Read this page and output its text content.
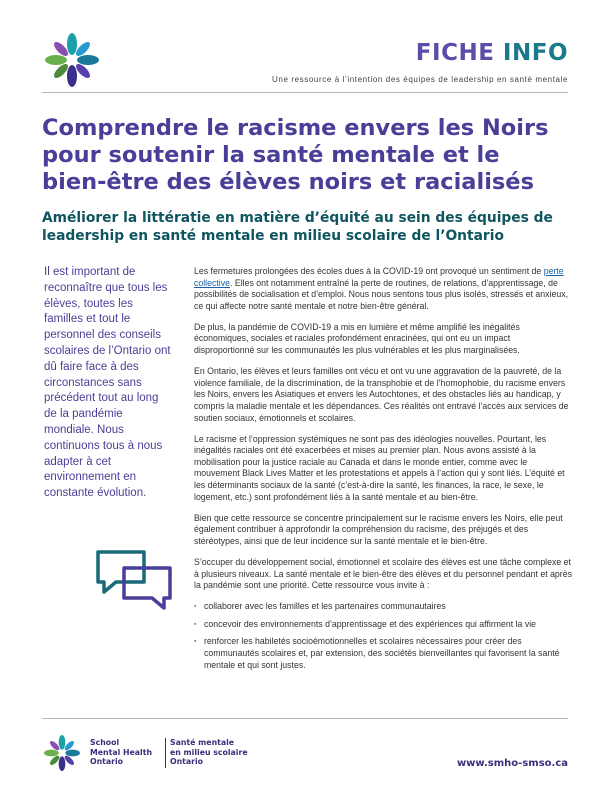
FICHE INFO
Une ressource à l’intention des équipes de leadership en santé mentale
Comprendre le racisme envers les Noirs
pour soutenir la santé mentale et le
bien-être des élèves noirs et racialisés
Améliorer la littératie en matière d’équité au sein des équipes de
leadership en santé mentale en milieu scolaire de l’Ontario
Il est important de reconnaître que tous les élèves, toutes les familles et tout le personnel des conseils scolaires de l’Ontario ont dû faire face à des circonstances sans précédent tout au long de la pandémie mondiale. Nous continuons tous à nous adapter à cet environnement en constante évolution.

Les fermetures prolongées des écoles dues à la COVID-19 ont provoqué un sentiment de perte collective. Elles ont notamment entraîné la perte de routines, de relations, d’apprentissage, de possibilités de socialisation et d’emploi. Nous nous sentons tous plus isolés, stressés et anxieux, ce qui affecte notre santé mentale et notre bien-être général.

De plus, la pandémie de COVID-19 a mis en lumière et même amplifié les inégalités économiques, sociales et raciales profondément enracinées, qui ont eu un impact disproportionné sur les communautés les plus vulnérables et les plus marginalisées.

En Ontario, les élèves et leurs familles ont vécu et ont vu une aggravation de la pauvreté, de la violence familiale, de la discrimination, de la transphobie et de l’homophobie, du racisme envers les Noirs, envers les Asiatiques et envers les Autochtones, et des obstacles liés au handicap, y compris la maladie mentale et les dépendances. Ces réalités ont entravé l’accès aux services de soutien sociaux, émotionnels et scolaires.

Le racisme et l’oppression systémiques ne sont pas des idéologies nouvelles. Pourtant, les inégalités raciales ont été exacerbées et mises au premier plan. Nous avons assisté à la mobilisation pour la justice raciale au Canada et dans le monde entier, comme avec le mouvement Black Lives Matter et les protestations et appels à l’action qui y sont liés. L’équité et les déterminants sociaux de la santé (c’est-à-dire la santé, les finances, la race, le sexe, le logement, etc.) sont profondément liés à la santé mentale et au bien-être.

Bien que cette ressource se concentre principalement sur le racisme envers les Noirs, elle peut également contribuer à approfondir la compréhension du racisme, des préjugés et des stéréotypes, ainsi que de leur incidence sur la santé mentale et le bien-être.

S’occuper du développement social, émotionnel et scolaire des élèves est une tâche complexe et à plusieurs niveaux. La santé mentale et le bien-être des élèves et du personnel pendant et après la pandémie sont une priorité. Cette ressource vous invite à :

▪ collaborer avec les familles et les partenaires communautaires
▪ concevoir des environnements d’apprentissage et des expériences qui affirment la vie
▪ renforcer les habiletés socioémotionnelles et scolaires nécessaires pour créer des communautés scolaires et, par extension, des sociétés bienveillantes qui favorisent la santé mentale et qui sont justes.
School
Mental Health
Ontario
Santé mentale
en milieu scolaire
Ontario	www.smho-smso.ca
